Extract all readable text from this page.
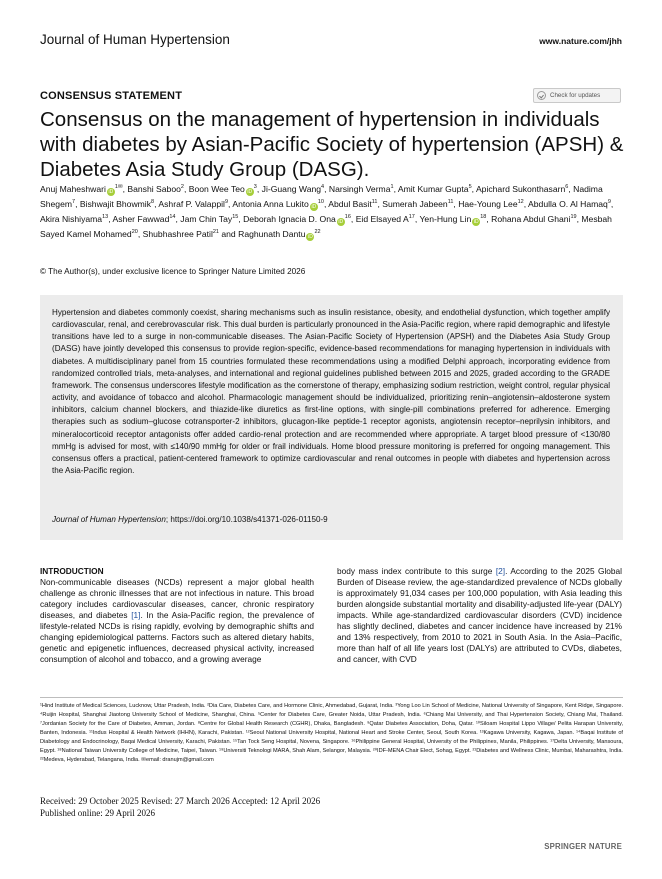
Journal of Human Hypertension	www.nature.com/jhh
CONSENSUS STATEMENT	Check for updates
Consensus on the management of hypertension in individuals with diabetes by Asian-Pacific Society of hypertension (APSH) & Diabetes Asia Study Group (DASG).
Anuj Maheshwari $iD^{1✉}$, Banshi Saboo$^2$, Boon Wee Teo $iD^3$, Ji-Guang Wang$^4$, Narsingh Verma$^1$, Amit Kumar Gupta$^5$, Apichard Sukonthasarn$^6$, Nadima Shegem$^7$, Bishwajit Bhowmik$^8$, Ashraf P. Valappil$^9$, Antonia Anna Lukito $iD^{10}$, Abdul Basit$^{11}$, Sumerah Jabeen$^{11}$, Hae-Young Lee$^{12}$, Abdulla O. Al Hamaq$^9$, Akira Nishiyama$^{13}$, Asher Fawwad$^{14}$, Jam Chin Tay$^{15}$, Deborah Ignacia D. Ona $iD^{16}$, Eid Elsayed $A^{17}$, Yen-Hung Lin $iD^{18}$, Rohana Abdul Ghani$^{19}$, Mesbah Sayed Kamel Mohamed$^{20}$, Shubhashree Patil$^{21}$ and Raghunath Dantu $iD^{22}$
© The Author(s), under exclusive licence to Springer Nature Limited 2026

Hypertension and diabetes commonly coexist, sharing mechanisms such as insulin resistance, obesity, and endothelial dysfunction, which together amplify cardiovascular, renal, and cerebrovascular risk. This dual burden is particularly pronounced in the Asia-Pacific region, where rapid demographic and lifestyle transitions have led to a surge in non-communicable diseases. The Asian-Pacific Society of Hypertension (APSH) and the Diabetes Asia Study Group (DASG) have jointly developed this consensus to provide region-specific, evidence-based recommendations for managing hypertension in individuals with diabetes. A multidisciplinary panel from 15 countries formulated these recommendations using a modified Delphi approach, incorporating evidence from randomized controlled trials, meta-analyses, and international and regional guidelines published between 2015 and 2025, graded according to the GRADE framework. The consensus underscores lifestyle modification as the cornerstone of therapy, emphasizing sodium restriction, weight control, regular physical activity, and avoidance of tobacco and alcohol. Pharmacologic management should be individualized, prioritizing renin–angiotensin–aldosterone system inhibitors, calcium channel blockers, and thiazide-like diuretics as first-line options, with single-pill combinations preferred for adherence. Emerging therapies such as sodium–glucose cotransporter-2 inhibitors, glucagon-like peptide-1 receptor agonists, angiotensin receptor–neprilysin inhibitors, and mineralocorticoid receptor antagonists offer added cardio-renal protection and are recommended where appropriate. A target blood pressure of <130/80 mmHg is advised for most, with ≤140/90 mmHg for older or frail individuals. Home blood pressure monitoring is preferred for ongoing management. This consensus offers a practical, patient-centered framework to optimize cardiovascular and renal outcomes in people with diabetes and hypertension across the Asia-Pacific region.

Journal of Human Hypertension; https://doi.org/10.1038/s41371-026-01150-9
INTRODUCTION
Non-communicable diseases (NCDs) represent a major global health challenge as chronic illnesses that are not infectious in nature. This broad category includes cardiovascular diseases, cancer, chronic respiratory diseases, and diabetes [1]. In the Asia-Pacific region, the prevalence of lifestyle-related NCDs is rising rapidly, evolving by demographic shifts and changing epidemiological patterns. Factors such as altered dietary habits, genetic and epigenetic influences, decreased physical activity, increased consumption of alcohol and tobacco, and a growing average
body mass index contribute to this surge [2]. According to the 2025 Global Burden of Disease review, the age-standardized prevalence of NCDs globally is approximately 91,034 cases per 100,000 population, with Asia leading this burden alongside substantial mortality and disability-adjusted life-year (DALY) impacts. While age-standardized cardiovascular disorders (CVD) incidence has slightly declined, diabetes and cancer incidence have increased by 21% and 13% respectively, from 2010 to 2021 in South Asia. In the Asia–Pacific, more than half of all life years lost (DALYs) are attributed to CVDs, diabetes, and cancer, with CVD
¹Hind Institute of Medical Sciences, Lucknow, Uttar Pradesh, India. ²Dia Care, Diabetes Care, and Hormone Clinic, Ahmedabad, Gujarat, India. ³Yong Loo Lin School of Medicine, National University of Singapore, Kent Ridge, Singapore. ⁴Ruijin Hospital, Shanghai Jiaotong University School of Medicine, Shanghai, China. ⁵Center for Diabetes Care, Greater Noida, Uttar Pradesh, India. ⁶Chiang Mai University, and Thai Hypertension Society, Chiang Mai, Thailand. ⁷Jordanian Society for the Care of Diabetes, Amman, Jordan. ⁸Centre for Global Health Research (CGHR), Dhaka, Bangladesh. ⁹Qatar Diabetes Association, Doha, Qatar. ¹⁰Siloam Hospital Lippo Village/ Pelita Harapan University, Banten, Indonesia. ¹¹Indus Hospital & Health Network (IHHN), Karachi, Pakistan. ¹²Seoul National University Hospital, National Heart and Stroke Center, Seoul, South Korea. ¹³Kagawa University, Kagawa, Japan. ¹⁴Baqai Institute of Diabetology and Endocrinology, Baqai Medical University, Karachi, Pakistan. ¹⁵Tan Tock Seng Hospital, Novena, Singapore. ¹⁶Philippine General Hospital, University of the Philippines, Manila, Philippines. ¹⁷Delta University, Mansoura, Egypt. ¹⁸National Taiwan University College of Medicine, Taipei, Taiwan. ¹⁹Universiti Teknologi MARA, Shah Alam, Selangor, Malaysia. ²⁰IDF-MENA Chair Elect, Sohag, Egypt. ²¹Diabetes and Wellness Clinic, Mumbai, Maharashtra, India. ²²Medeva, Hyderabad, Telangana, India. ✉email: dranujm@gmail.com
Received: 29 October 2025 Revised: 27 March 2026 Accepted: 12 April 2026
Published online: 29 April 2026
SPRINGER NATURE
